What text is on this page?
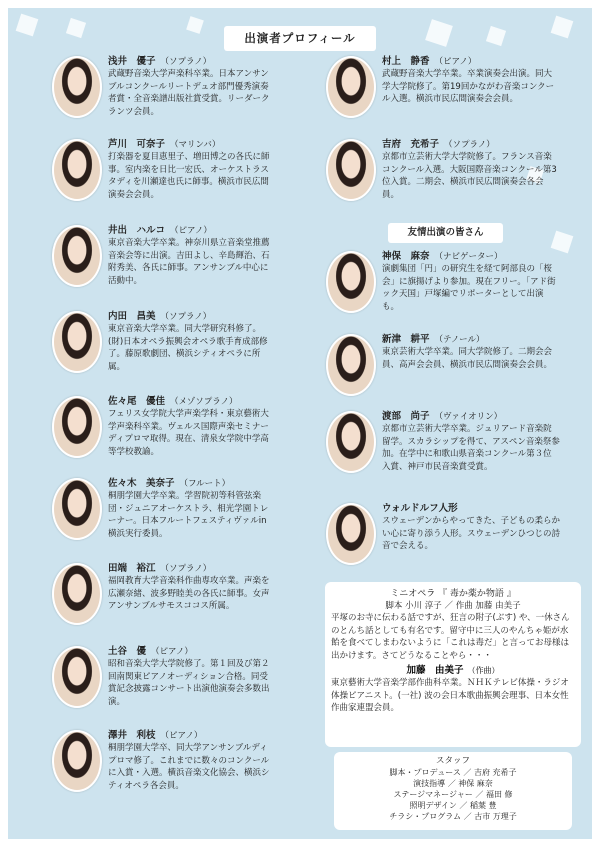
出演者プロフィール
友情出演の皆さん
浅井　優子 （ソプラノ）
武蔵野音楽大学声楽科卒業。日本アンサンブルコンクールリートデュオ部門優秀演奏者賞・全音楽譜出版社賞受賞。リーダークランツ会員。
芦川　可奈子 （マリンバ）
打楽器を夏目恵里子、増田博之の各氏に師事。室内楽を日比一宏氏、オーケストラスタディを川瀬達也氏に師事。横浜市民広間演奏会会員。
井出　ハルコ （ピアノ）
東京音楽大学卒業。神奈川県立音楽堂推薦音楽会等に出演。吉田よし、辛島輝治、石附秀美、各氏に師事。アンサンブル中心に活動中。
内田　昌美 （ソプラノ）
東京音楽大学卒業。同大学研究科修了。(財)日本オペラ振興会オペラ歌手育成部修了。藤原歌劇団、横浜シティオペラに所属。
佐々尾　優佳 （メゾソプラノ）
フェリス女学院大学声楽学科・東京藝術大学声楽科卒業。ヴェルス国際声楽セミナーディプロマ取得。現在、清泉女学院中学高等学校教諭。
佐々木　美奈子 （フルート）
桐朋学園大学卒業。学習院初等科管弦楽団・ジュニアオーケストラ、相光学園トレーナー。日本フルートフェスティヴァルin 横浜実行委員。
田端　裕江 （ソプラノ）
福岡教育大学音楽科作曲専攻卒業。声楽を広瀬奈緒、波多野睦美の各氏に師事。女声アンサンブルサモスココス所属。
土谷　優 （ピアノ）
昭和音楽大学大学院修了。第１回及び第２回南関東ピアノオーディション合格。同受賞記念披露コンサート出演他演奏会多数出演。
澤井　利枝 （ピアノ）
桐朋学園大学卒、同大学アンサンブルディプロマ修了。これまでに数々のコンクールに入賞・入選。横浜音楽文化協会、横浜シティオペラ各会員。
村上　静香 （ピアノ）
武蔵野音楽大学卒業。卒業演奏会出演。同大学大学院修了。第19回かながわ音楽コンクール入選。横浜市民広間演奏会会員。
吉府　充希子 （ソプラノ）
京都市立芸術大学大学院修了。フランス音楽コンクール入選。大阪国際音楽コンクール第3位入賞。二期会、横浜市民広間演奏会各会員。
神保　麻奈 （ナビゲーター）
演劇集団「円」の研究生を経て阿部良の「桜会」に旗揚げより参加。現在フリー。「アド街ック天国」戸塚編でリポーターとして出演も。
新津　耕平 （テノール）
東京芸術大学卒業。同大学院修了。二期会会員、高声会会員、横浜市民広間演奏会会員。
渡部　尚子 （ヴァイオリン）
京都市立芸術大学卒業。ジュリアード音楽院留学。スカラシップを得て、アスペン音楽祭参加。在学中に和歌山県音楽コンクール第３位入賞、神戸市民音楽賞受賞。
ウォルドルフ人形
スウェーデンからやってきた、子どもの柔らかい心に寄り添う人形。スウェーデンひつじの詩音で会える。
ミニオペラ 『 毒か薬か物語 』
脚本 小川 淳子 ／ 作曲 加藤 由美子
平塚のお寺に伝わる話ですが、狂言の附子(ぶす) や、一休さんのとんち話としても有名です。留守中に三人のやんちゃ姫が水飴を食べてしまわないように「これは毒だ」と言ってお母様は出かけます。さてどうなることやら・・・
加藤　由美子 （作曲）
東京藝術大学音楽学部作曲科卒業。ＮＨＫテレビ体操・ラジオ体操ピアニスト。(一社) 波の会日本歌曲振興会理事、日本女性作曲家連盟会員。
スタッフ
脚本・プロデュース ／ 吉府 充希子
演技指導 ／ 神保 麻奈
ステージマネージャー ／ 福田 修
照明デザイン ／ 稲葉 豊
チラシ・プログラム ／ 古市 万理子
